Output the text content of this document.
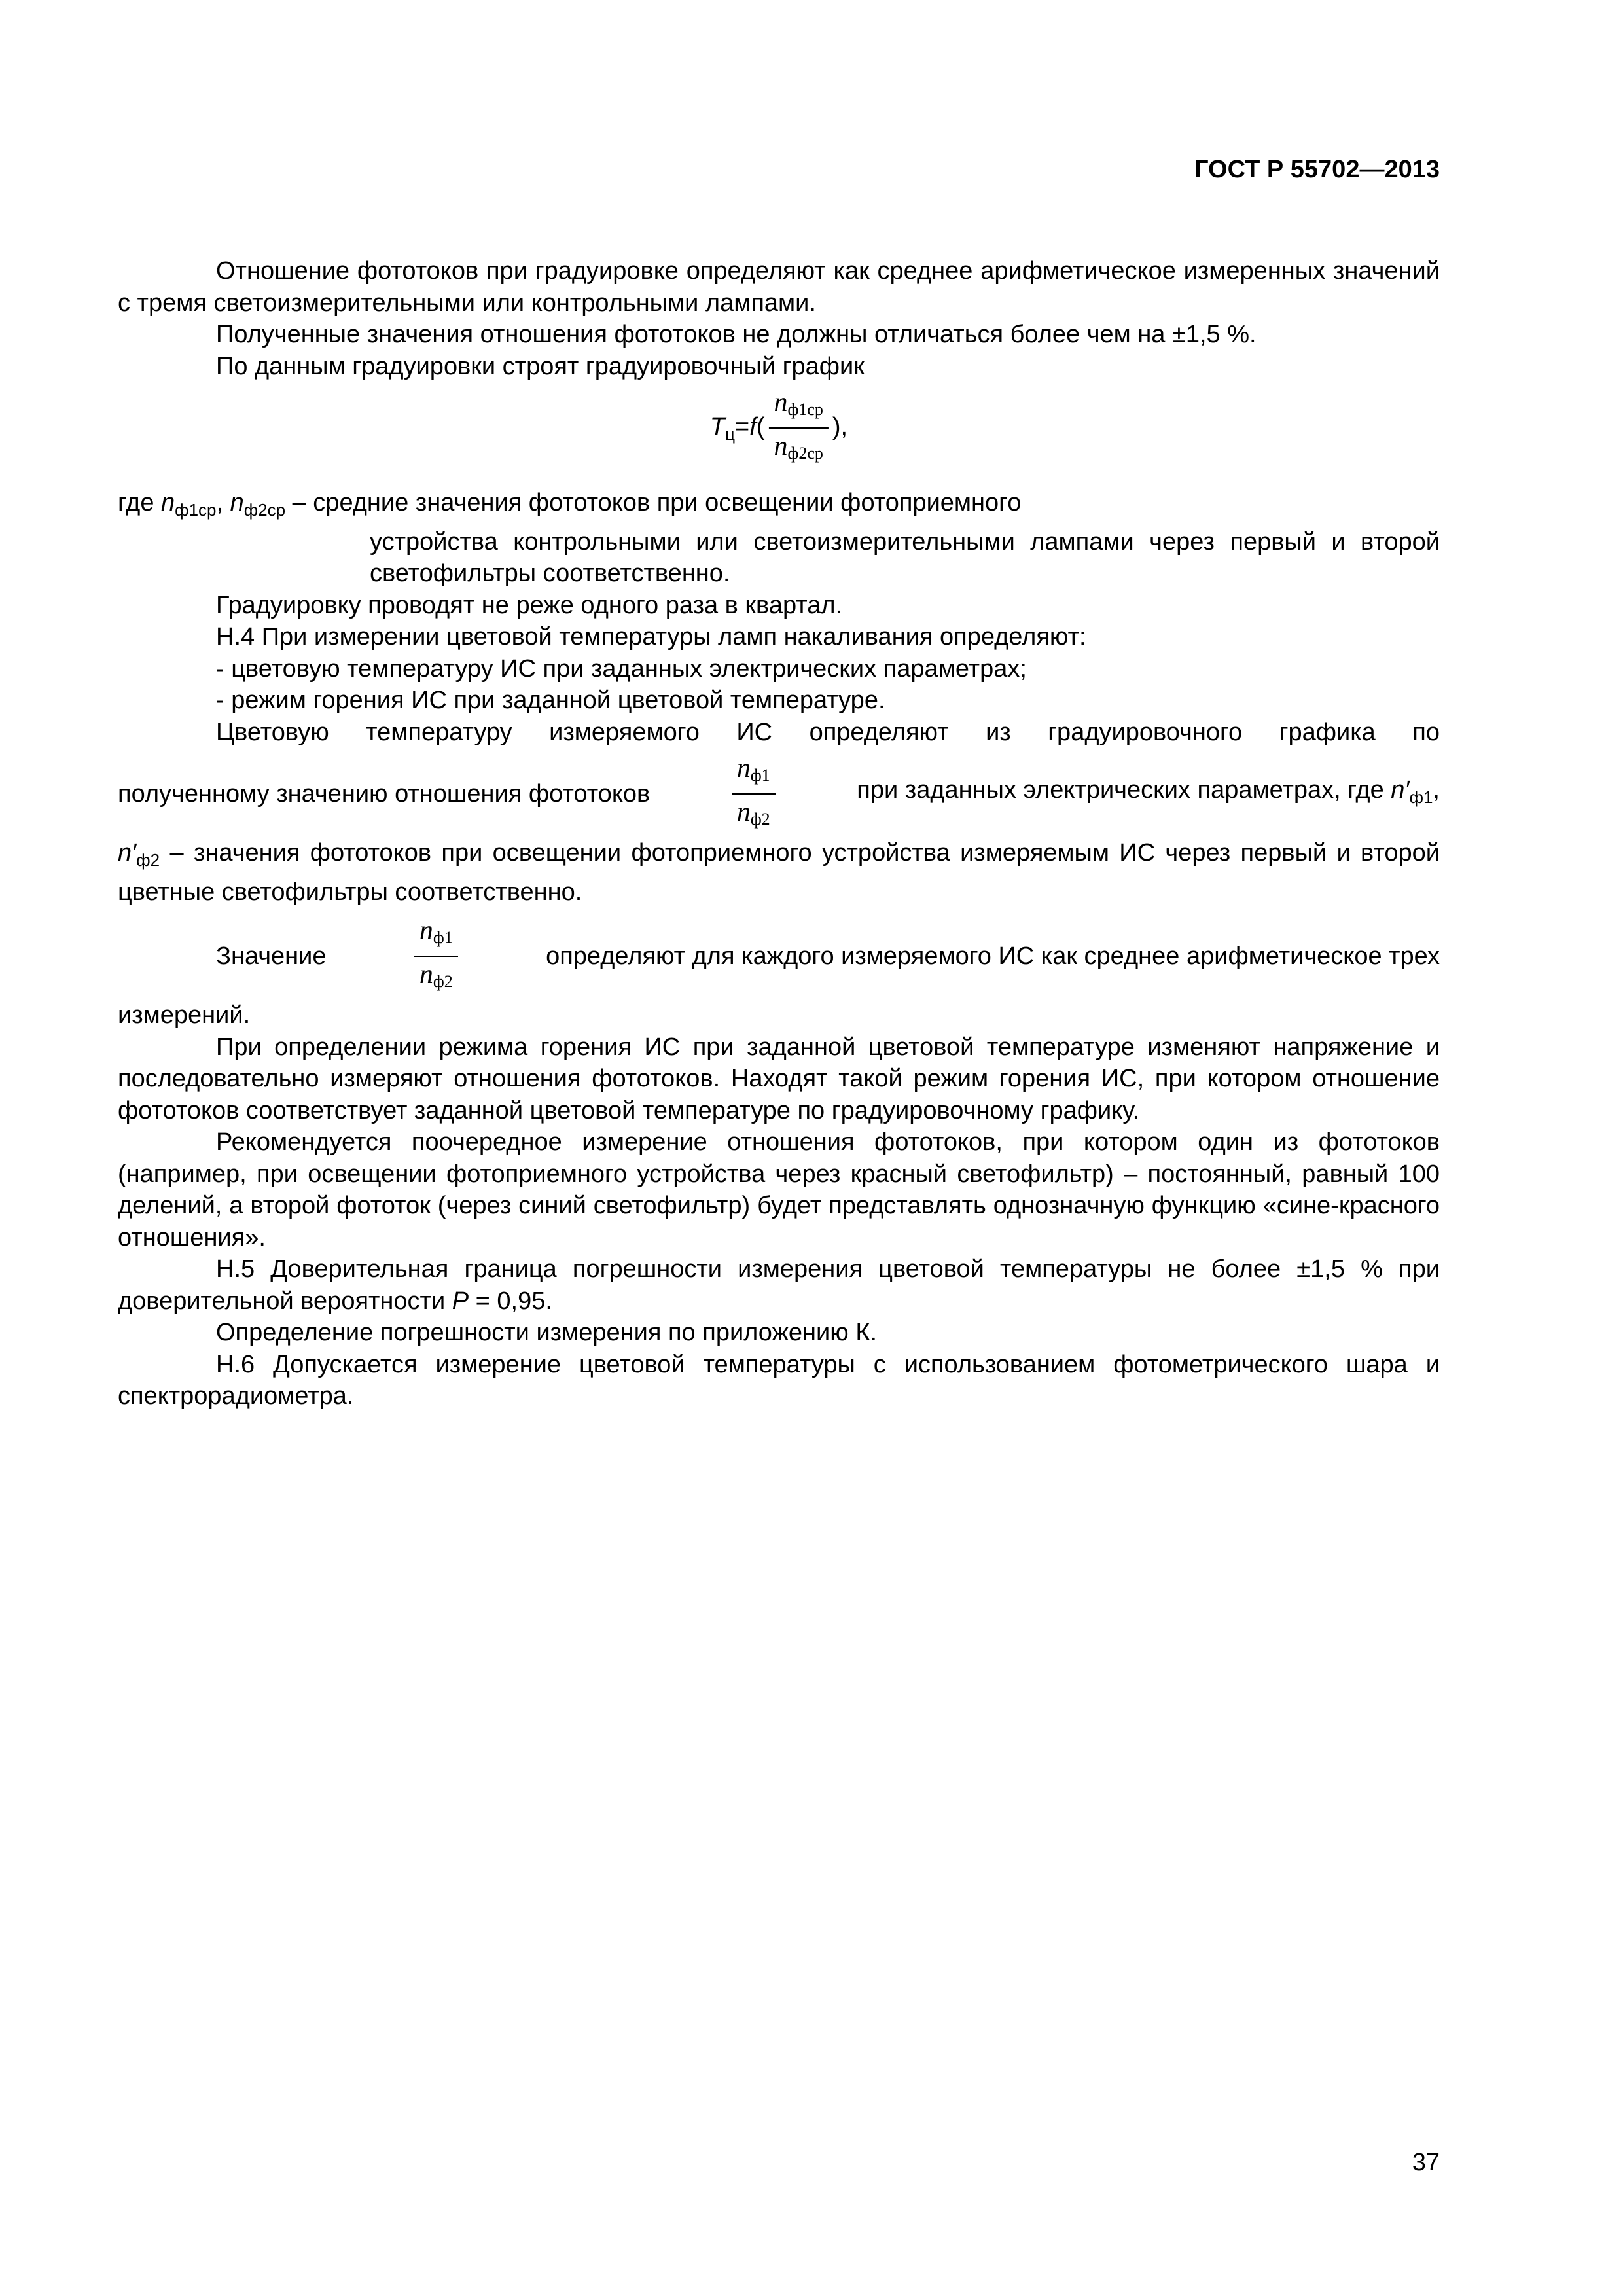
ГОСТ Р 55702—2013

Отношение фототоков при градуировке определяют как среднее арифметическое измеренных значений с тремя светоизмерительными или контрольными лампами.

Полученные значения отношения фототоков не должны отличаться более чем на ±1,5 %.

По данным градуировки строят градуировочный график

$T_ц=f( \frac{n_{ф1ср}}{n_{ф2ср}}$ ),

где $n_{ф1ср}$, $n_{ф2ср}$ – средние значения фототоков при освещении фотоприемного

устройства контрольными или светоизмерительными лампами через первый и второй светофильтры соответственно.

Градуировку проводят не реже одного раза в квартал.

Н.4 При измерении цветовой температуры ламп накаливания определяют:

- цветовую температуру ИС при заданных электрических параметрах;

- режим горения ИС при заданной цветовой температуре.

Цветовую температуру измеряемого ИС определяют из градуировочного графика по

полученному значению отношения фототоков	$\frac{n_{ф1}}{n_{ф2}}$	при заданных электрических параметрах, где $n'_{ф1}$,

$n'_{ф2}$ – значения фототоков при освещении фотоприемного устройства измеряемым ИС через первый и второй цветные светофильтры соответственно.

Значение	$\frac{n_{ф1}}{n_{ф2}}$	определяют для каждого измеряемого ИС как среднее арифметическое трех

измерений.

При определении режима горения ИС при заданной цветовой температуре изменяют напряжение и последовательно измеряют отношения фототоков. Находят такой режим горения ИС, при котором отношение фототоков соответствует заданной цветовой температуре по градуировочному графику.

Рекомендуется поочередное измерение отношения фототоков, при котором один из фототоков (например, при освещении фотоприемного устройства через красный светофильтр) – постоянный, равный 100 делений, а второй фототок (через синий светофильтр) будет представлять однозначную функцию «сине-красного отношения».

Н.5 Доверительная граница погрешности измерения цветовой температуры не более ±1,5 % при доверительной вероятности P = 0,95.

Определение погрешности измерения по приложению К.

Н.6 Допускается измерение цветовой температуры с использованием фотометрического шара и спектрорадиометра.

37
